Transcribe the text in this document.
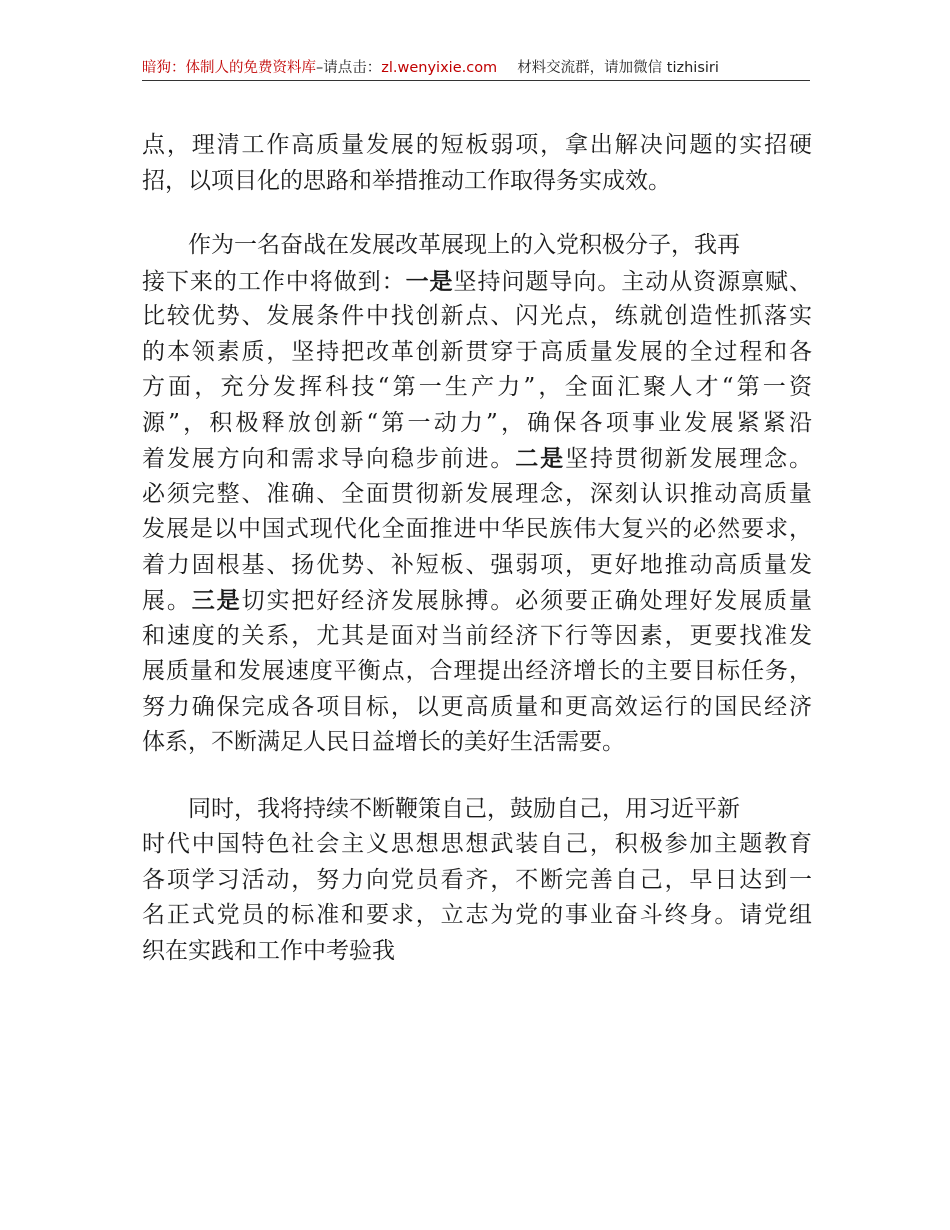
暗狗：体制人的免费资料库–请点击：zl.wenyixie.com 材料交流群，请加微信 tizhisiri
点，理清工作高质量发展的短板弱项，拿出解决问题的实招硬
招，以项目化的思路和举措推动工作取得务实成效。
作为一名奋战在发展改革展现上的入党积极分子，我再
接下来的工作中将做到：一是坚持问题导向。主动从资源禀赋、
比较优势、发展条件中找创新点、闪光点，练就创造性抓落实
的本领素质，坚持把改革创新贯穿于高质量发展的全过程和各
方面，充分发挥科技“第一生产力”，全面汇聚人才“第一资
源”，积极释放创新“第一动力”，确保各项事业发展紧紧沿
着发展方向和需求导向稳步前进。二是坚持贯彻新发展理念。
必须完整、准确、全面贯彻新发展理念，深刻认识推动高质量
发展是以中国式现代化全面推进中华民族伟大复兴的必然要求，
着力固根基、扬优势、补短板、强弱项，更好地推动高质量发
展。三是切实把好经济发展脉搏。必须要正确处理好发展质量
和速度的关系，尤其是面对当前经济下行等因素，更要找准发
展质量和发展速度平衡点，合理提出经济增长的主要目标任务，
努力确保完成各项目标，以更高质量和更高效运行的国民经济
体系，不断满足人民日益增长的美好生活需要。
同时，我将持续不断鞭策自己，鼓励自己，用习近平新
时代中国特色社会主义思想思想武装自己，积极参加主题教育
各项学习活动，努力向党员看齐，不断完善自己，早日达到一
名正式党员的标准和要求，立志为党的事业奋斗终身。请党组
织在实践和工作中考验我
